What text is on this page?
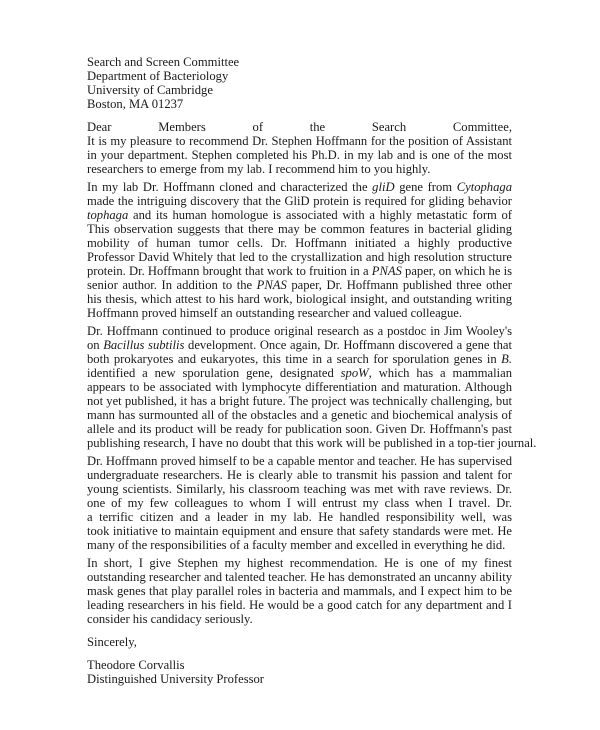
Search and Screen Committee
Department of Bacteriology
University of Cambridge
Boston, MA 01237
Dear Members of the Search Committee,
It is my pleasure to recommend Dr. Stephen Hoffmann for the position of Assistant
in your department. Stephen completed his Ph.D. in my lab and is one of the most
researchers to emerge from my lab. I recommend him to you highly.
In my lab Dr. Hoffmann cloned and characterized the gliD gene from Cytophaga
made the intriguing discovery that the GliD protein is required for gliding behavior
tophaga and its human homologue is associated with a highly metastatic form of
This observation suggests that there may be common features in bacterial gliding
mobility of human tumor cells. Dr. Hoffmann initiated a highly productive
Professor David Whitely that led to the crystallization and high resolution structure
protein. Dr. Hoffmann brought that work to fruition in a PNAS paper, on which he is
senior author. In addition to the PNAS paper, Dr. Hoffmann published three other
his thesis, which attest to his hard work, biological insight, and outstanding writing
Hoffmann proved himself an outstanding researcher and valued colleague.
Dr. Hoffmann continued to produce original research as a postdoc in Jim Wooley's
on Bacillus subtilis development. Once again, Dr. Hoffmann discovered a gene that
both prokaryotes and eukaryotes, this time in a search for sporulation genes in B.
identified a new sporulation gene, designated spoW, which has a mammalian
appears to be associated with lymphocyte differentiation and maturation. Although
not yet published, it has a bright future. The project was technically challenging, but
mann has surmounted all of the obstacles and a genetic and biochemical analysis of
allele and its product will be ready for publication soon. Given Dr. Hoffmann's past
publishing research, I have no doubt that this work will be published in a top-tier journal.
Dr. Hoffmann proved himself to be a capable mentor and teacher. He has supervised
undergraduate researchers. He is clearly able to transmit his passion and talent for
young scientists. Similarly, his classroom teaching was met with rave reviews. Dr.
one of my few colleagues to whom I will entrust my class when I travel. Dr.
a terrific citizen and a leader in my lab. He handled responsibility well, was
took initiative to maintain equipment and ensure that safety standards were met. He
many of the responsibilities of a faculty member and excelled in everything he did.
In short, I give Stephen my highest recommendation. He is one of my finest
outstanding researcher and talented teacher. He has demonstrated an uncanny ability
mask genes that play parallel roles in bacteria and mammals, and I expect him to be
leading researchers in his field. He would be a good catch for any department and I
consider his candidacy seriously.
Sincerely,
Theodore Corvallis
Distinguished University Professor
